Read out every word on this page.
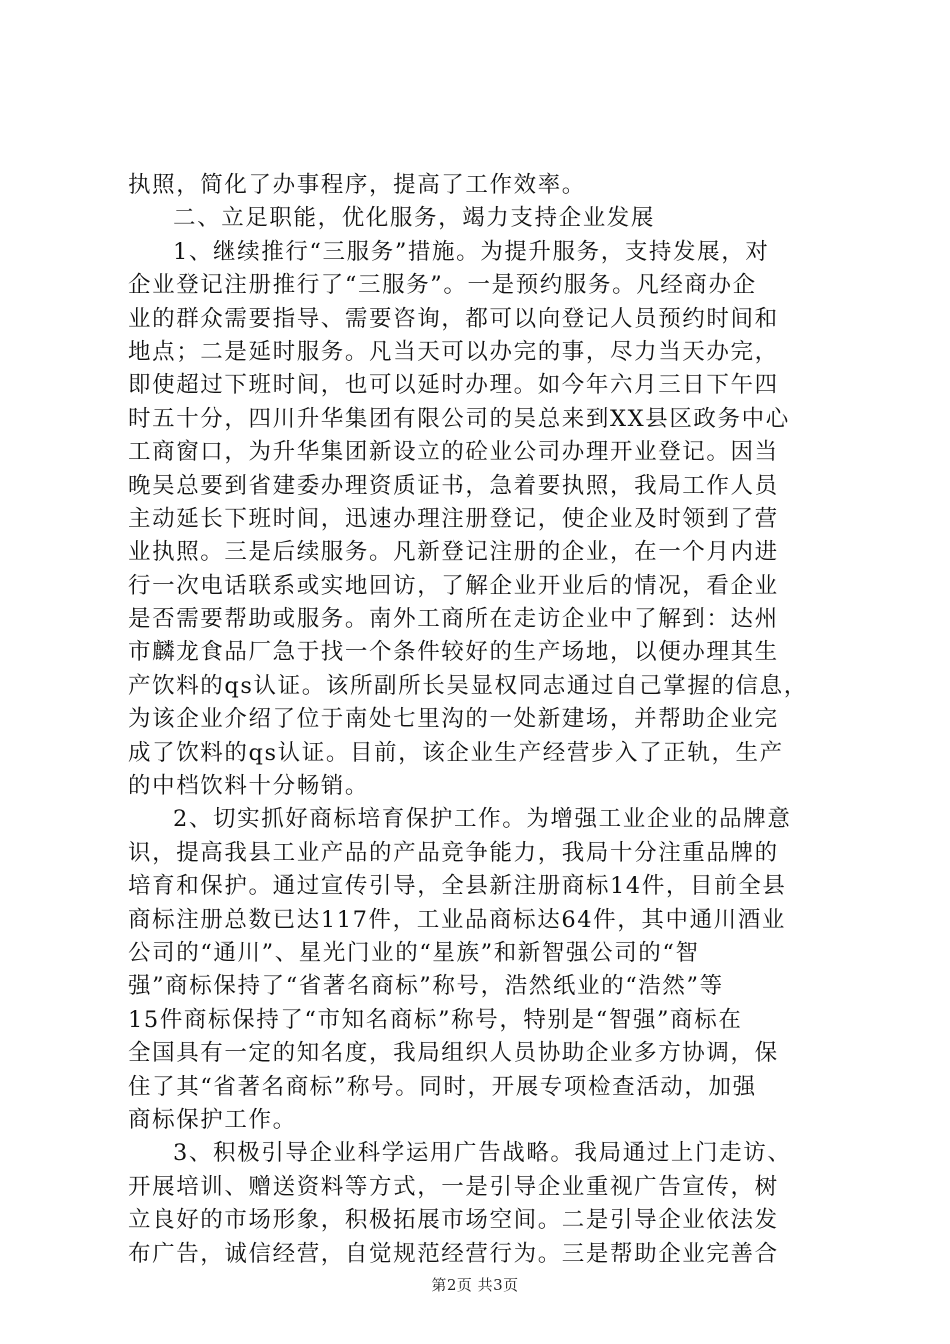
执照，简化了办事程序，提高了工作效率。
二、立足职能，优化服务，竭力支持企业发展
1、继续推行“三服务”措施。为提升服务，支持发展，对
企业登记注册推行了“三服务”。一是预约服务。凡经商办企
业的群众需要指导、需要咨询，都可以向登记人员预约时间和
地点；二是延时服务。凡当天可以办完的事，尽力当天办完，
即使超过下班时间，也可以延时办理。如今年六月三日下午四
时五十分，四川升华集团有限公司的吴总来到XX县区政务中心
工商窗口，为升华集团新设立的砼业公司办理开业登记。因当
晚吴总要到省建委办理资质证书，急着要执照，我局工作人员
主动延长下班时间，迅速办理注册登记，使企业及时领到了营
业执照。三是后续服务。凡新登记注册的企业，在一个月内进
行一次电话联系或实地回访，了解企业开业后的情况，看企业
是否需要帮助或服务。南外工商所在走访企业中了解到：达州
市麟龙食品厂急于找一个条件较好的生产场地，以便办理其生
产饮料的qs认证。该所副所长吴显权同志通过自己掌握的信息，
为该企业介绍了位于南处七里沟的一处新建场，并帮助企业完
成了饮料的qs认证。目前，该企业生产经营步入了正轨，生产
的中档饮料十分畅销。
2、切实抓好商标培育保护工作。为增强工业企业的品牌意
识，提高我县工业产品的产品竞争能力，我局十分注重品牌的
培育和保护。通过宣传引导，全县新注册商标14件，目前全县
商标注册总数已达117件，工业品商标达64件，其中通川酒业
公司的“通川”、星光门业的“星族”和新智强公司的“智
强”商标保持了“省著名商标”称号，浩然纸业的“浩然”等
15件商标保持了“市知名商标”称号，特别是“智强”商标在
全国具有一定的知名度，我局组织人员协助企业多方协调，保
住了其“省著名商标”称号。同时，开展专项检查活动，加强
商标保护工作。
3、积极引导企业科学运用广告战略。我局通过上门走访、
开展培训、赠送资料等方式，一是引导企业重视广告宣传，树
立良好的市场形象，积极拓展市场空间。二是引导企业依法发
布广告，诚信经营，自觉规范经营行为。三是帮助企业完善合
第2页 共3页
